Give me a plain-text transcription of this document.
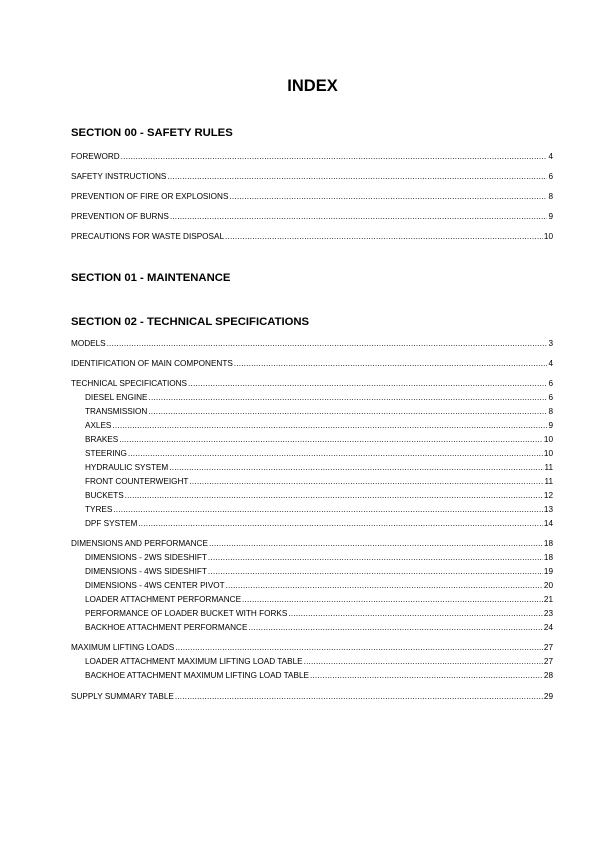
INDEX
SECTION 00 - SAFETY RULES
FOREWORD .....	4
SAFETY INSTRUCTIONS .....	6
PREVENTION OF FIRE OR EXPLOSIONS .....	8
PREVENTION OF BURNS .....	9
PRECAUTIONS FOR WASTE DISPOSAL .....	10
SECTION 01 - MAINTENANCE
SECTION 02 - TECHNICAL SPECIFICATIONS
MODELS .....	3
IDENTIFICATION OF MAIN COMPONENTS .....	4
TECHNICAL SPECIFICATIONS .....	6
DIESEL ENGINE .....	6
TRANSMISSION .....	8
AXLES .....	9
BRAKES .....	10
STEERING .....	10
HYDRAULIC SYSTEM .....	11
FRONT COUNTERWEIGHT .....	11
BUCKETS .....	12
TYRES .....	13
DPF SYSTEM .....	14
DIMENSIONS AND PERFORMANCE .....	18
DIMENSIONS - 2WS SIDESHIFT .....	18
DIMENSIONS - 4WS SIDESHIFT .....	19
DIMENSIONS - 4WS CENTER PIVOT .....	20
LOADER ATTACHMENT PERFORMANCE .....	21
PERFORMANCE OF LOADER BUCKET WITH FORKS .....	23
BACKHOE ATTACHMENT PERFORMANCE .....	24
MAXIMUM LIFTING LOADS .....	27
LOADER ATTACHMENT MAXIMUM LIFTING LOAD TABLE .....	27
BACKHOE ATTACHMENT MAXIMUM LIFTING LOAD TABLE .....	28
SUPPLY SUMMARY TABLE .....	29
